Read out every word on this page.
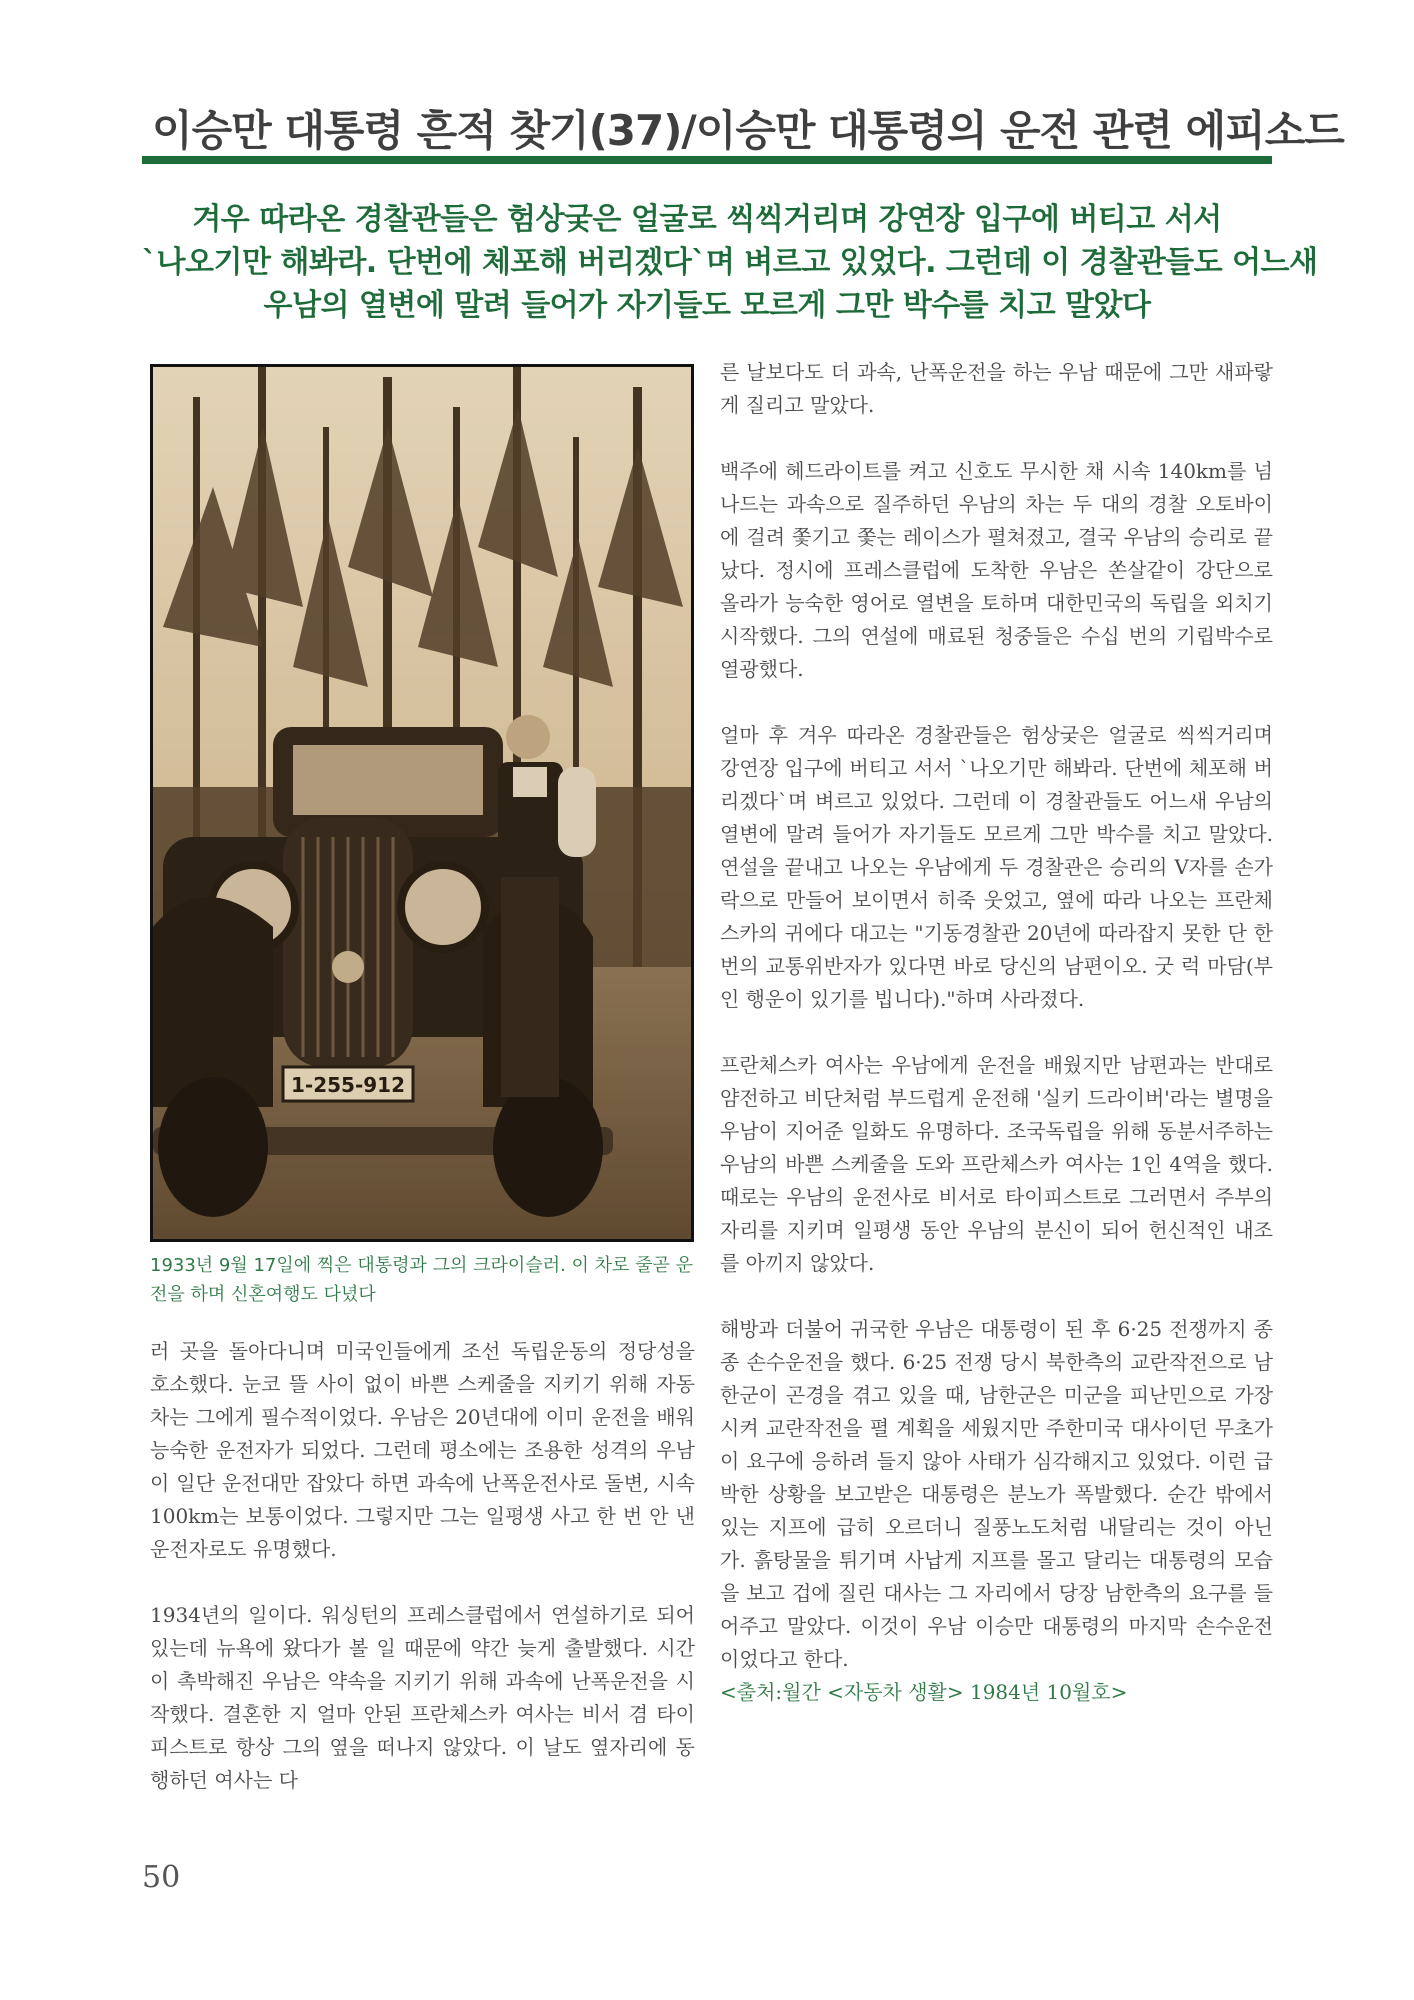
이승만 대통령 흔적 찾기(37)/이승만 대통령의 운전 관련 에피소드
겨우 따라온 경찰관들은 험상궂은 얼굴로 씩씩거리며 강연장 입구에 버티고 서서
`나오기만 해봐라. 단번에 체포해 버리겠다`며 벼르고 있었다. 그런데 이 경찰관들도 어느새
우남의 열변에 말려 들어가 자기들도 모르게 그만 박수를 치고 말았다
1-255-912
1933년 9월 17일에 찍은 대통령과 그의 크라이슬러. 이 차로 줄곧 운전을 하며 신혼여행도 다녔다

러 곳을 돌아다니며 미국인들에게 조선 독립운동의 정당성을 호소했다. 눈코 뜰 사이 없이 바쁜 스케줄을 지키기 위해 자동차는 그에게 필수적이었다. 우남은 20년대에 이미 운전을 배워 능숙한 운전자가 되었다. 그런데 평소에는 조용한 성격의 우남이 일단 운전대만 잡았다 하면 과속에 난폭운전사로 돌변, 시속 100km는 보통이었다. 그렇지만 그는 일평생 사고 한 번 안 낸 운전자로도 유명했다.

1934년의 일이다. 워싱턴의 프레스클럽에서 연설하기로 되어 있는데 뉴욕에 왔다가 볼 일 때문에 약간 늦게 출발했다. 시간이 촉박해진 우남은 약속을 지키기 위해 과속에 난폭운전을 시작했다. 결혼한 지 얼마 안된 프란체스카 여사는 비서 겸 타이피스트로 항상 그의 옆을 떠나지 않았다. 이 날도 옆자리에 동행하던 여사는 다

른 날보다도 더 과속, 난폭운전을 하는 우남 때문에 그만 새파랗게 질리고 말았다.

백주에 헤드라이트를 켜고 신호도 무시한 채 시속 140km를 넘나드는 과속으로 질주하던 우남의 차는 두 대의 경찰 오토바이에 걸려 쫓기고 쫓는 레이스가 펼쳐졌고, 결국 우남의 승리로 끝났다. 정시에 프레스클럽에 도착한 우남은 쏜살같이 강단으로 올라가 능숙한 영어로 열변을 토하며 대한민국의 독립을 외치기 시작했다. 그의 연설에 매료된 청중들은 수십 번의 기립박수로 열광했다.

얼마 후 겨우 따라온 경찰관들은 험상궂은 얼굴로 씩씩거리며 강연장 입구에 버티고 서서 `나오기만 해봐라. 단번에 체포해 버리겠다`며 벼르고 있었다. 그런데 이 경찰관들도 어느새 우남의 열변에 말려 들어가 자기들도 모르게 그만 박수를 치고 말았다. 연설을 끝내고 나오는 우남에게 두 경찰관은 승리의 V자를 손가락으로 만들어 보이면서 히죽 웃었고, 옆에 따라 나오는 프란체스카의 귀에다 대고는 "기동경찰관 20년에 따라잡지 못한 단 한 번의 교통위반자가 있다면 바로 당신의 남편이오. 굿 럭 마담(부인 행운이 있기를 빕니다)."하며 사라졌다.

프란체스카 여사는 우남에게 운전을 배웠지만 남편과는 반대로 얌전하고 비단처럼 부드럽게 운전해 '실키 드라이버'라는 별명을 우남이 지어준 일화도 유명하다. 조국독립을 위해 동분서주하는 우남의 바쁜 스케줄을 도와 프란체스카 여사는 1인 4역을 했다. 때로는 우남의 운전사로 비서로 타이피스트로 그러면서 주부의 자리를 지키며 일평생 동안 우남의 분신이 되어 헌신적인 내조를 아끼지 않았다.

해방과 더불어 귀국한 우남은 대통령이 된 후 6·25 전쟁까지 종종 손수운전을 했다. 6·25 전쟁 당시 북한측의 교란작전으로 남한군이 곤경을 겪고 있을 때, 남한군은 미군을 피난민으로 가장시켜 교란작전을 펼 계획을 세웠지만 주한미국 대사이던 무초가 이 요구에 응하려 들지 않아 사태가 심각해지고 있었다. 이런 급박한 상황을 보고받은 대통령은 분노가 폭발했다. 순간 밖에서 있는 지프에 급히 오르더니 질풍노도처럼 내달리는 것이 아닌가. 흙탕물을 튀기며 사납게 지프를 몰고 달리는 대통령의 모습을 보고 겁에 질린 대사는 그 자리에서 당장 남한측의 요구를 들어주고 말았다. 이것이 우남 이승만 대통령의 마지막 손수운전이었다고 한다.

<출처:월간 <자동차 생활> 1984년 10월호>
50
